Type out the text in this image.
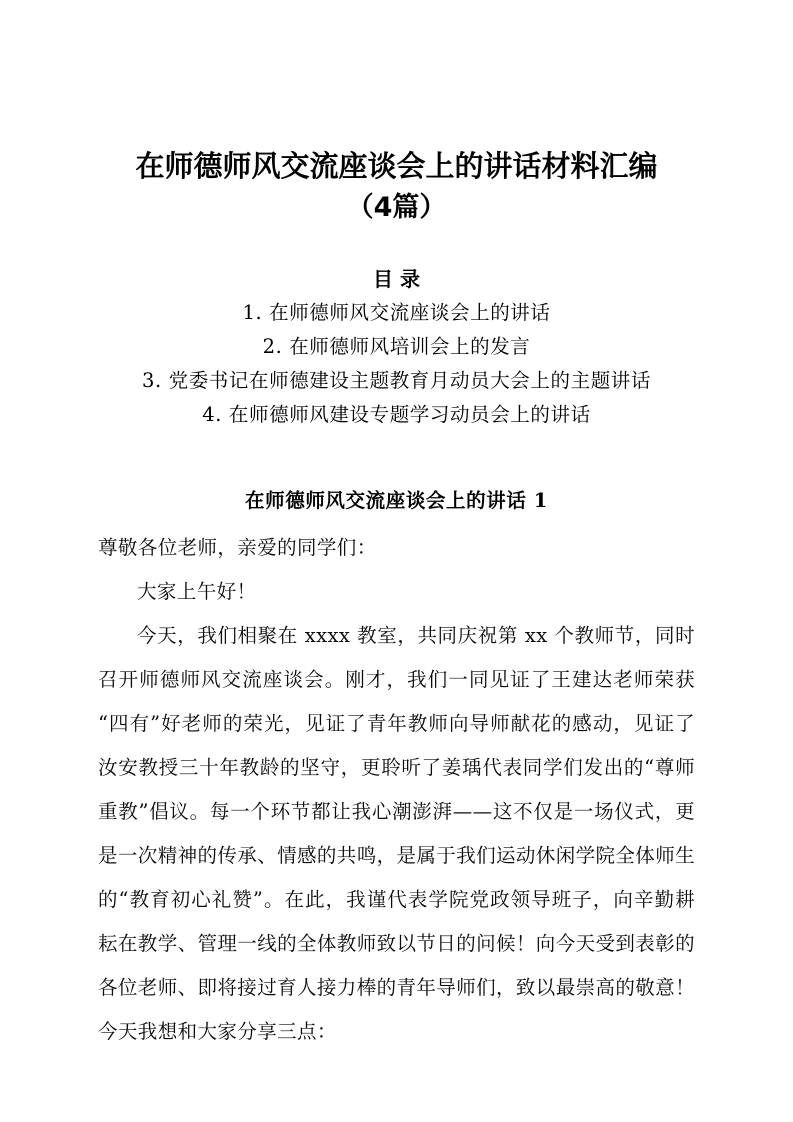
在师德师风交流座谈会上的讲话材料汇编
（4篇）
目 录
1. 在师德师风交流座谈会上的讲话
2. 在师德师风培训会上的发言
3. 党委书记在师德建设主题教育月动员大会上的主题讲话
4. 在师德师风建设专题学习动员会上的讲话
在师德师风交流座谈会上的讲话 1

尊敬各位老师，亲爱的同学们：

大家上午好！

今天，我们相聚在 xxxx 教室，共同庆祝第 xx 个教师节，同时召开师德师风交流座谈会。刚才，我们一同见证了王建达老师荣获“四有”好老师的荣光，见证了青年教师向导师献花的感动，见证了汝安教授三十年教龄的坚守，更聆听了姜瑀代表同学们发出的“尊师重教”倡议。每一个环节都让我心潮澎湃——这不仅是一场仪式，更是一次精神的传承、情感的共鸣，是属于我们运动休闲学院全体师生的“教育初心礼赞”。在此，我谨代表学院党政领导班子，向辛勤耕耘在教学、管理一线的全体教师致以节日的问候！向今天受到表彰的各位老师、即将接过育人接力棒的青年导师们，致以最崇高的敬意！今天我想和大家分享三点：
